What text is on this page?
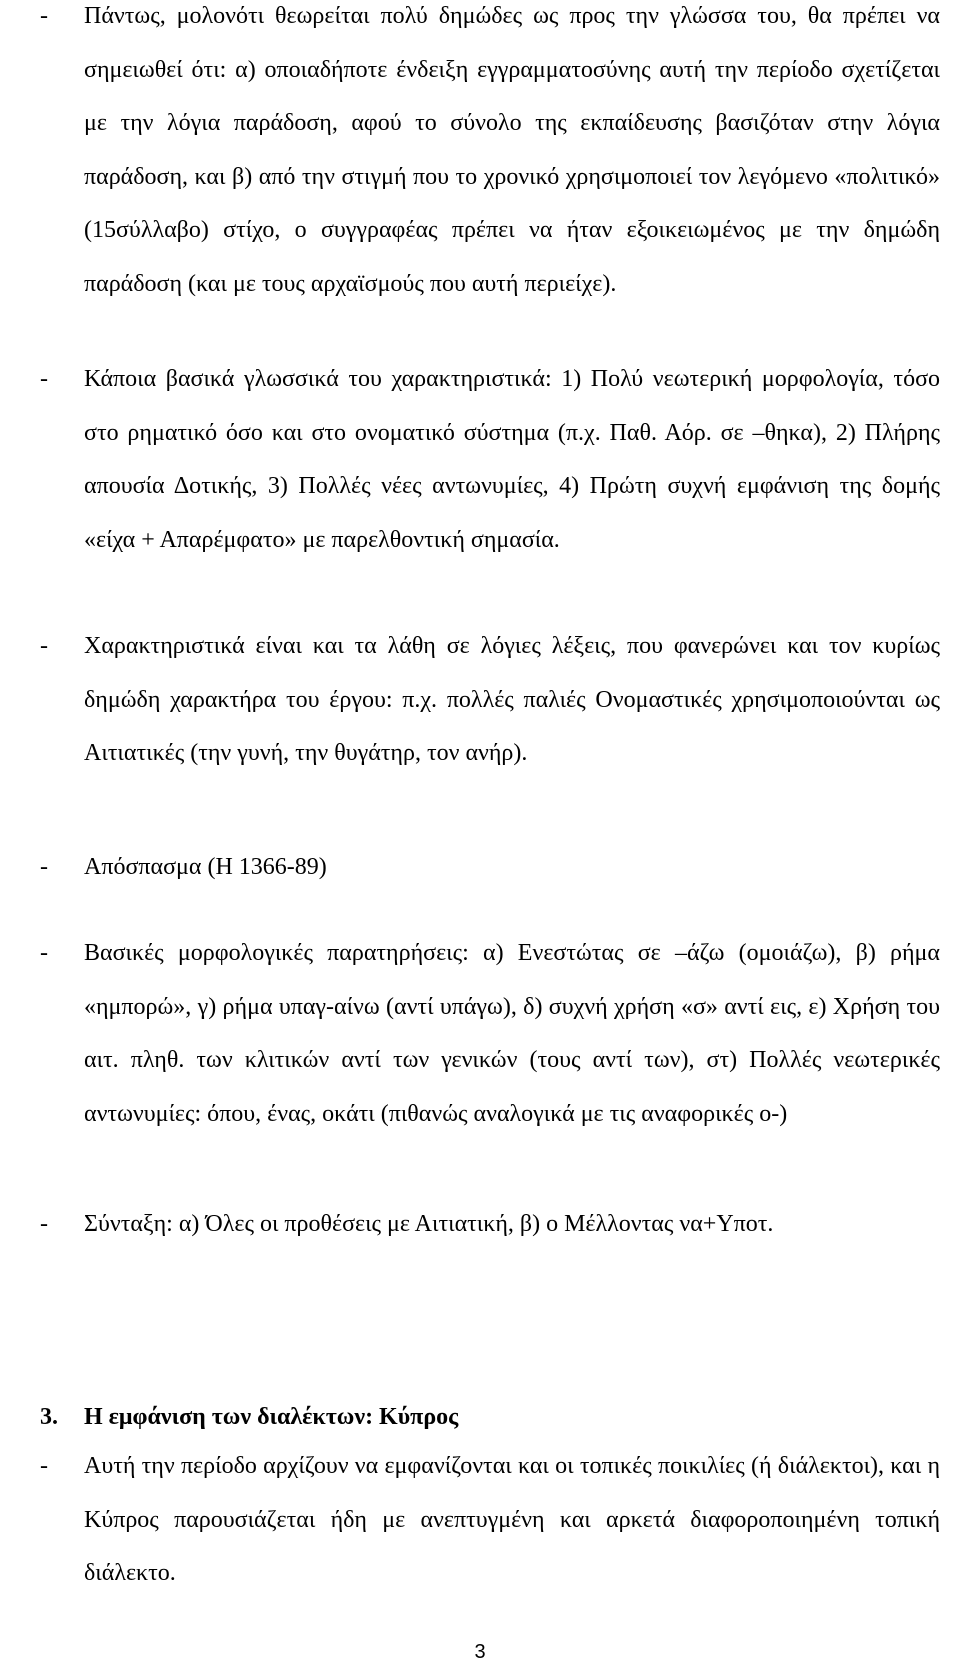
- Πάντως, μολονότι θεωρείται πολύ δημώδες ως προς την γλώσσα του, θα πρέπει να σημειωθεί ότι: α) οποιαδήποτε ένδειξη εγγραμματοσύνης αυτή την περίοδο σχετίζεται με την λόγια παράδοση, αφού το σύνολο της εκπαίδευσης βασιζόταν στην λόγια παράδοση, και β) από την στιγμή που το χρονικό χρησιμοποιεί τον λεγόμενο «πολιτικό» (15σύλλαβο) στίχο, ο συγγραφέας πρέπει να ήταν εξοικειωμένος με την δημώδη παράδοση (και με τους αρχαϊσμούς που αυτή περιείχε).
- Κάποια βασικά γλωσσικά του χαρακτηριστικά: 1) Πολύ νεωτερική μορφολογία, τόσο στο ρηματικό όσο και στο ονοματικό σύστημα (π.χ. Παθ. Αόρ. σε –θηκα), 2) Πλήρης απουσία Δοτικής, 3) Πολλές νέες αντωνυμίες, 4) Πρώτη συχνή εμφάνιση της δομής «είχα + Απαρέμφατο» με παρελθοντική σημασία.
- Χαρακτηριστικά είναι και τα λάθη σε λόγιες λέξεις, που φανερώνει και τον κυρίως δημώδη χαρακτήρα του έργου: π.χ. πολλές παλιές Ονομαστικές χρησιμοποιούνται ως Αιτιατικές (την γυνή, την θυγάτηρ, τον ανήρ).
- Απόσπασμα (Η 1366-89)
- Βασικές μορφολογικές παρατηρήσεις: α) Ενεστώτας σε –άζω (ομοιάζω), β) ρήμα «ημπορώ», γ) ρήμα υπαγ-αίνω (αντί υπάγω), δ) συχνή χρήση «σ» αντί εις, ε) Χρήση του αιτ. πληθ. των κλιτικών αντί των γενικών (τους αντί των), στ) Πολλές νεωτερικές αντωνυμίες: όπου, ένας, οκάτι (πιθανώς αναλογικά με τις αναφορικές ο-)
- Σύνταξη: α) Όλες οι προθέσεις με Αιτιατική, β) ο Μέλλοντας να+Υποτ.
3. Η εμφάνιση των διαλέκτων: Κύπρος
- Αυτή την περίοδο αρχίζουν να εμφανίζονται και οι τοπικές ποικιλίες (ή διάλεκτοι), και η Κύπρος παρουσιάζεται ήδη με ανεπτυγμένη και αρκετά διαφοροποιημένη τοπική διάλεκτο.
3
